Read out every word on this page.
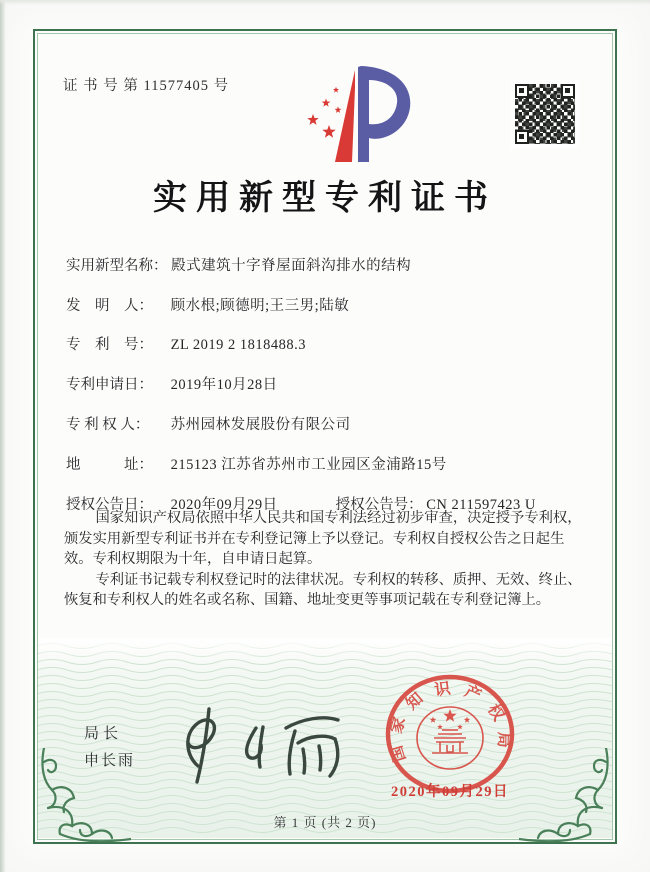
证 书 号 第 11577405 号
实用新型专利证书
实用新型名称： 殿式建筑十字脊屋面斜沟排水的结构
发　明　人： 顾水根;顾德明;王三男;陆敏
专　利　号： ZL 2019 2 1818488.3
专利申请日： 2019年10月28日
专 利 权 人： 苏州园林发展股份有限公司
地　　　址： 215123 江苏省苏州市工业园区金浦路15号
授权公告日： 2020年09月29日	授权公告号： CN 211597423 U

国家知识产权局依照中华人民共和国专利法经过初步审查，决定授予专利权，颁发实用新型专利证书并在专利登记簿上予以登记。专利权自授权公告之日起生效。专利权期限为十年，自申请日起算。

专利证书记载专利权登记时的法律状况。专利权的转移、质押、无效、终止、恢复和专利权人的姓名或名称、国籍、地址变更等事项记载在专利登记簿上。

局长
申长雨	国
家
知 识 产
权
局
2020年09月29日
第 1 页 (共 2 页)
